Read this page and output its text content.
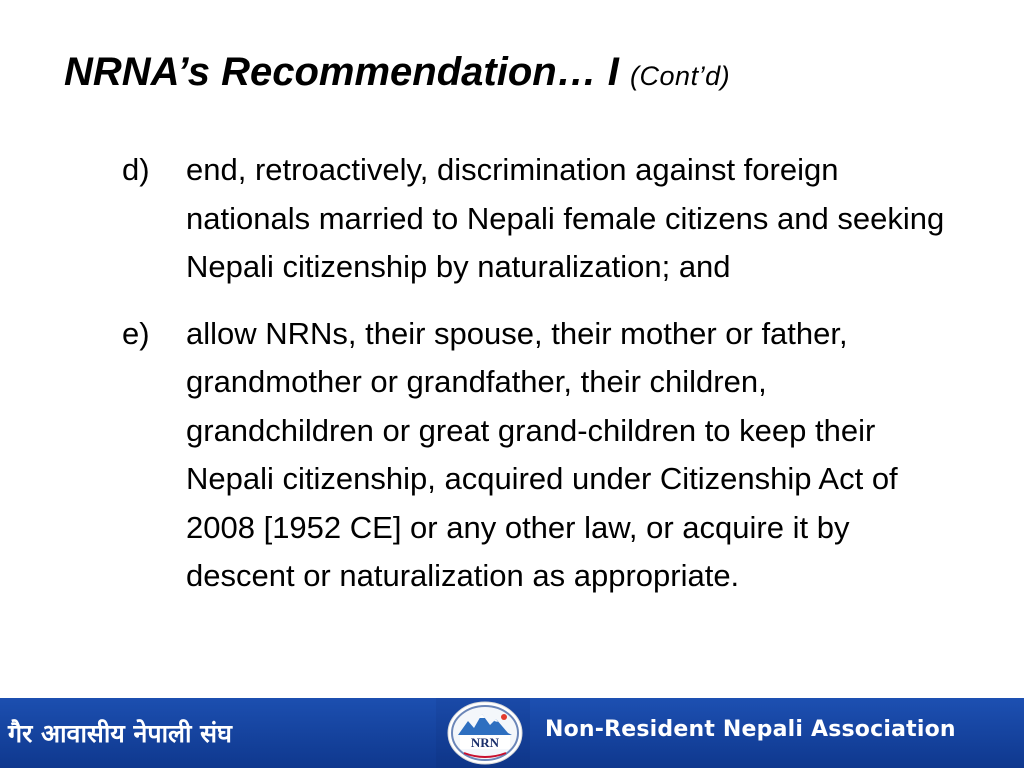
NRNA’s Recommendation… I (Cont’d)
d)	end, retroactively, discrimination against foreign nationals married to Nepali female citizens and seeking Nepali citizenship by naturalization; and
e)	allow NRNs, their spouse, their mother or father, grandmother or grandfather, their children, grandchildren or great grand-children to keep their Nepali citizenship, acquired under Citizenship Act of 2008 [1952 CE] or any other law, or acquire it by descent or naturalization as appropriate.
गैर आवासीय नेपाली संघ	NRN
Non-Resident Nepali Association
